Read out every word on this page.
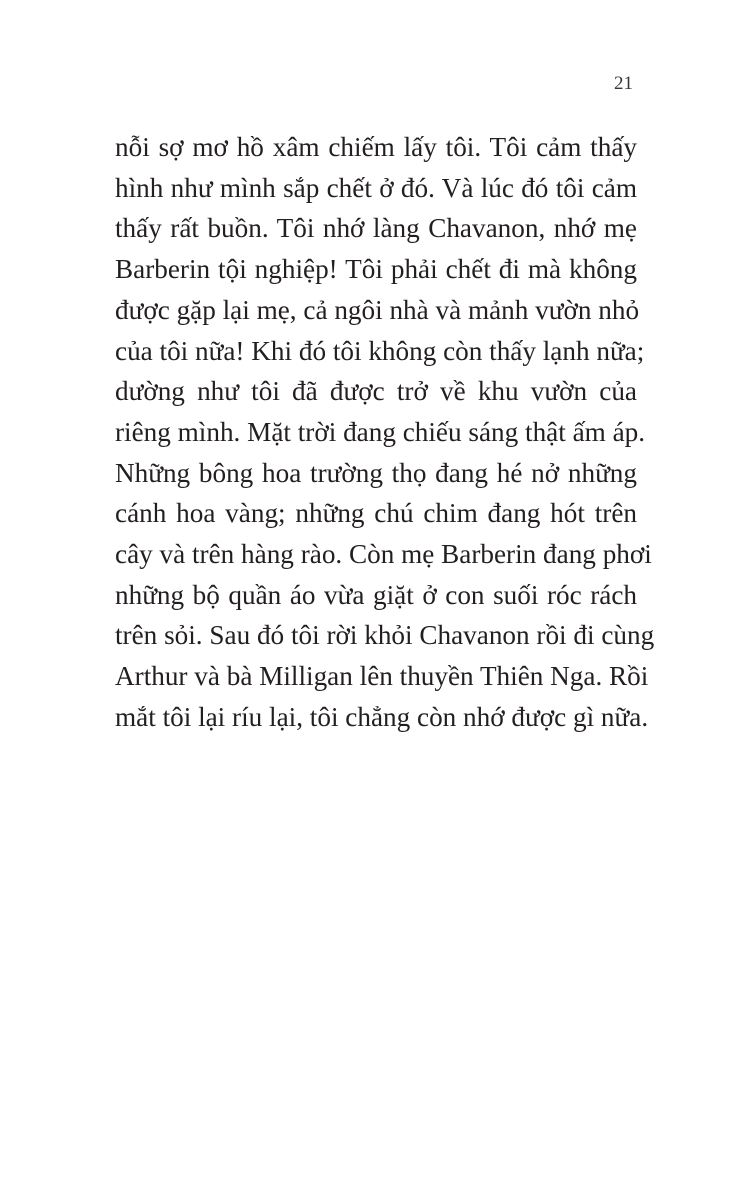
21
nỗi sợ mơ hồ xâm chiếm lấy tôi. Tôi cảm thấy
hình như mình sắp chết ở đó. Và lúc đó tôi cảm
thấy rất buồn. Tôi nhớ làng Chavanon, nhớ mẹ
Barberin tội nghiệp! Tôi phải chết đi mà không
được gặp lại mẹ, cả ngôi nhà và mảnh vườn nhỏ
của tôi nữa! Khi đó tôi không còn thấy lạnh nữa;
dường như tôi đã được trở về khu vườn của
riêng mình. Mặt trời đang chiếu sáng thật ấm áp.
Những bông hoa trường thọ đang hé nở những
cánh hoa vàng; những chú chim đang hót trên
cây và trên hàng rào. Còn mẹ Barberin đang phơi
những bộ quần áo vừa giặt ở con suối róc rách
trên sỏi. Sau đó tôi rời khỏi Chavanon rồi đi cùng
Arthur và bà Milligan lên thuyền Thiên Nga. Rồi
mắt tôi lại ríu lại, tôi chẳng còn nhớ được gì nữa.
